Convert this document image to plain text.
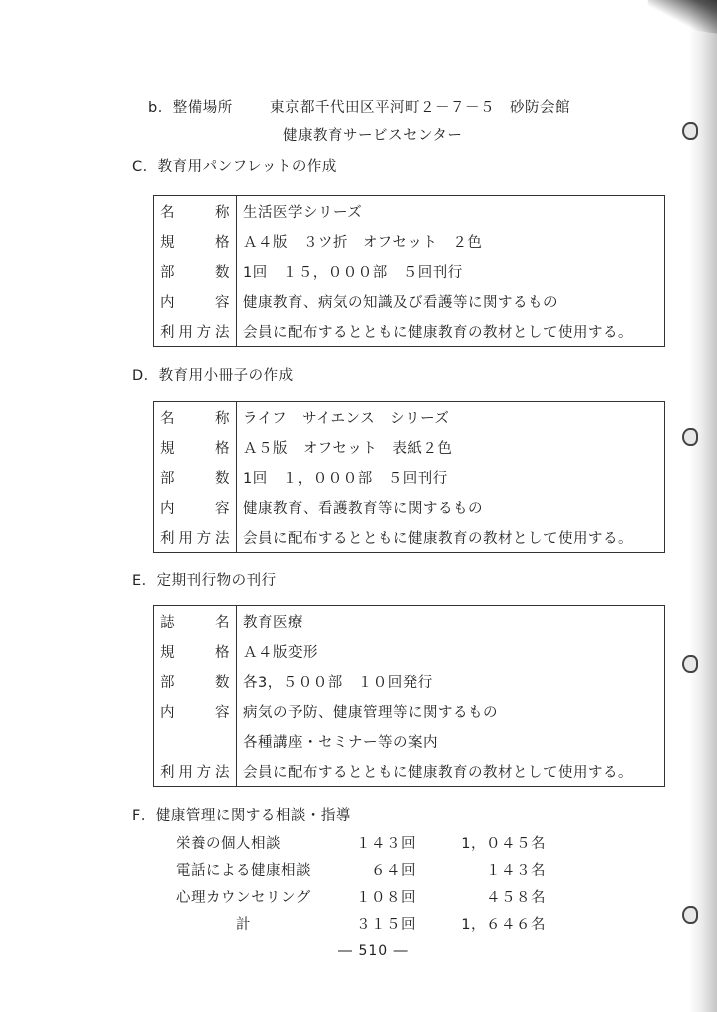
b．整備場所	東京都千代田区平河町２－７－５　砂防会館
健康教育サービスセンター
C．教育用パンフレットの作成
名称	生活医学シリーズ
規格	Ａ４版　３ツ折　オフセット　２色
部数	1回　１５，０００部　５回刊行
内容	健康教育、病気の知識及び看護等に関するもの
利用方法	会員に配布するとともに健康教育の教材として使用する。
D．教育用小冊子の作成
名称	ライフ　サイエンス　シリーズ
規格	Ａ５版　オフセット　表紙２色
部数	1回　１，０００部　５回刊行
内容	健康教育、看護教育等に関するもの
利用方法	会員に配布するとともに健康教育の教材として使用する。
E．定期刊行物の刊行
誌名	教育医療
規格	Ａ４版変形
部数	各3，５００部　１０回発行
内容	病気の予防、健康管理等に関するもの
	各種講座・セミナー等の案内
利用方法	会員に配布するとともに健康教育の教材として使用する。
F．健康管理に関する相談・指導
栄養の個人相談	１４３回	1，０４５名
電話による健康相談	６４回	１４３名
心理カウンセリング	１０８回	４５８名
計	３１５回	1，６４６名
― 510 ―
